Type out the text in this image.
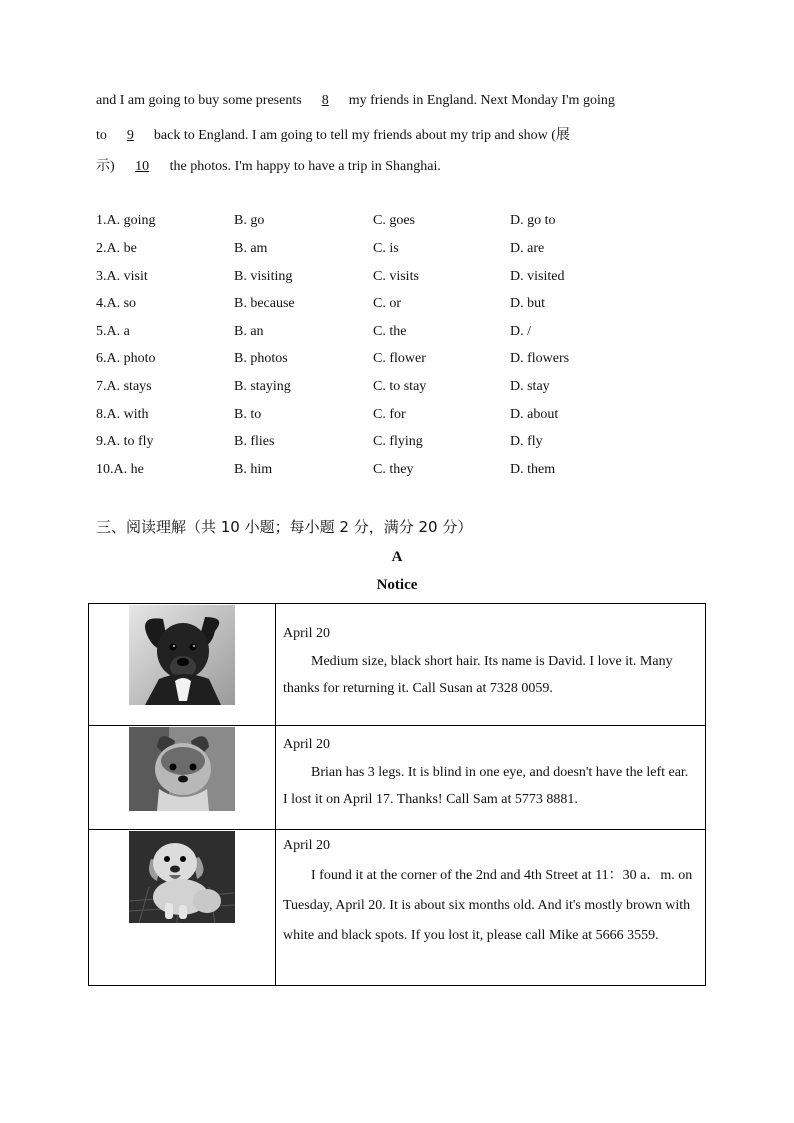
and I am going to buy some presents 8 my friends in England. Next Monday I'm going
to 9 back to England. I am going to tell my friends about my trip and show (展
示) 10 the photos. I'm happy to have a trip in Shanghai.
1.A. going	B. go	C. goes	D. go to
2.A. be	B. am	C. is	D. are
3.A. visit	B. visiting	C. visits	D. visited
4.A. so	B. because	C. or	D. but
5.A. a	B. an	C. the	D. /
6.A. photo	B. photos	C. flower	D. flowers
7.A. stays	B. staying	C. to stay	D. stay
8.A. with	B. to	C. for	D. about
9.A. to fly	B. flies	C. flying	D. fly
10.A. he	B. him	C. they	D. them
三、阅读理解（共 10 小题；每小题 2 分，满分 20 分）
A
Notice

April 20
Medium size, black short hair. Its name is David. I love it. Many thanks for returning it. Call Susan at 7328 0059.

April 20
Brian has 3 legs. It is blind in one eye, and doesn't have the left ear. I lost it on April 17. Thanks! Call Sam at 5773 8881.

April 20
I found it at the corner of the 2nd and 4th Street at 11：30 a．m. on Tuesday, April 20. It is about six months old. And it's mostly brown with white and black spots. If you lost it, please call Mike at 5666 3559.
